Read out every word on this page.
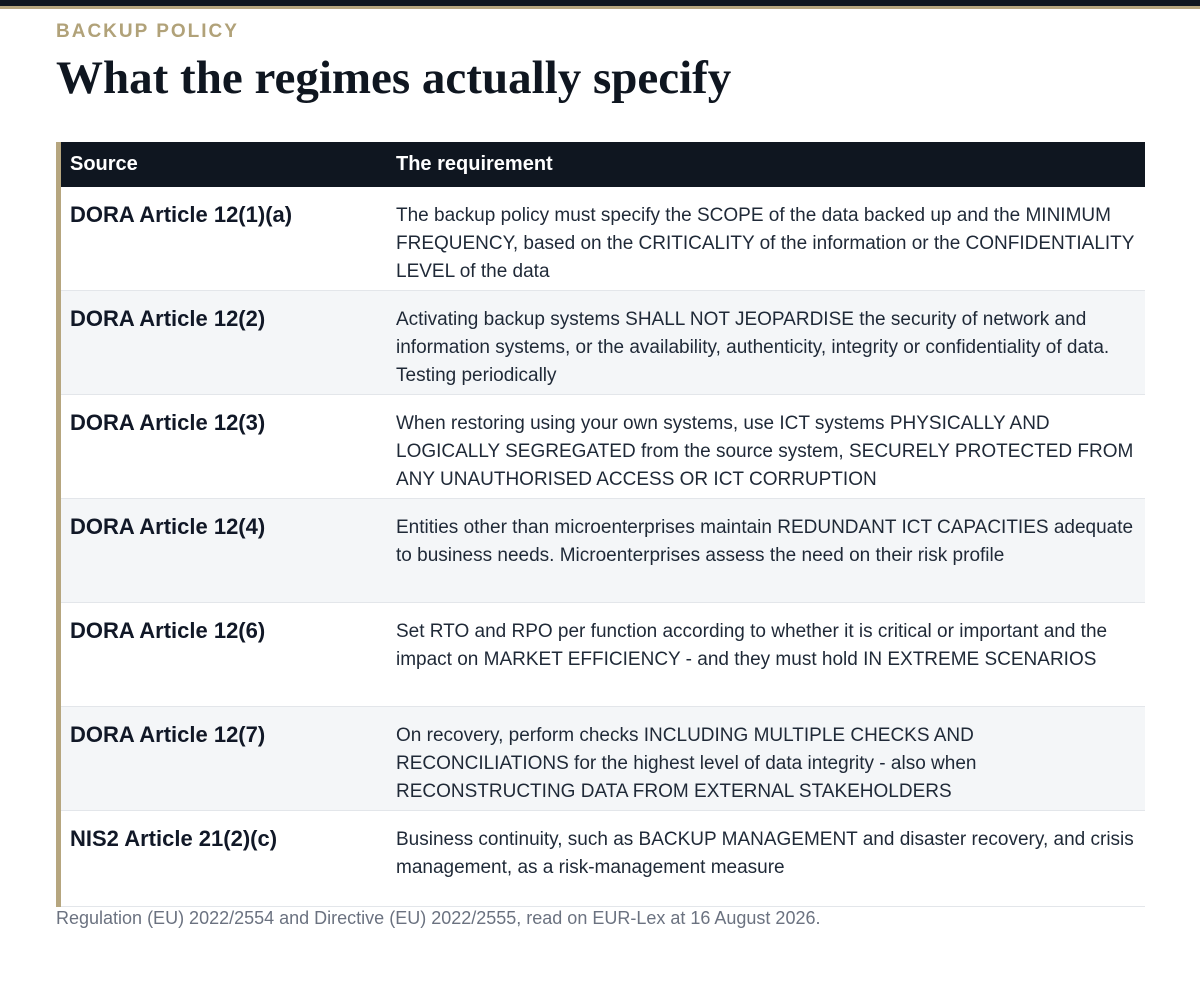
BACKUP POLICY
What the regimes actually specify
Source	The requirement
DORA Article 12(1)(a)	The backup policy must specify the SCOPE of the data backed up and the MINIMUM FREQUENCY, based on the CRITICALITY of the information or the CONFIDENTIALITY LEVEL of the data
DORA Article 12(2)	Activating backup systems SHALL NOT JEOPARDISE the security of network and information systems, or the availability, authenticity, integrity or confidentiality of data. Testing periodically
DORA Article 12(3)	When restoring using your own systems, use ICT systems PHYSICALLY AND LOGICALLY SEGREGATED from the source system, SECURELY PROTECTED FROM ANY UNAUTHORISED ACCESS OR ICT CORRUPTION
DORA Article 12(4)	Entities other than microenterprises maintain REDUNDANT ICT CAPACITIES adequate to business needs. Microenterprises assess the need on their risk profile
DORA Article 12(6)	Set RTO and RPO per function according to whether it is critical or important and the impact on MARKET EFFICIENCY - and they must hold IN EXTREME SCENARIOS
DORA Article 12(7)	On recovery, perform checks INCLUDING MULTIPLE CHECKS AND RECONCILIATIONS for the highest level of data integrity - also when RECONSTRUCTING DATA FROM EXTERNAL STAKEHOLDERS
NIS2 Article 21(2)(c)	Business continuity, such as BACKUP MANAGEMENT and disaster recovery, and crisis management, as a risk-management measure
Regulation (EU) 2022/2554 and Directive (EU) 2022/2555, read on EUR-Lex at 16 August 2026.
